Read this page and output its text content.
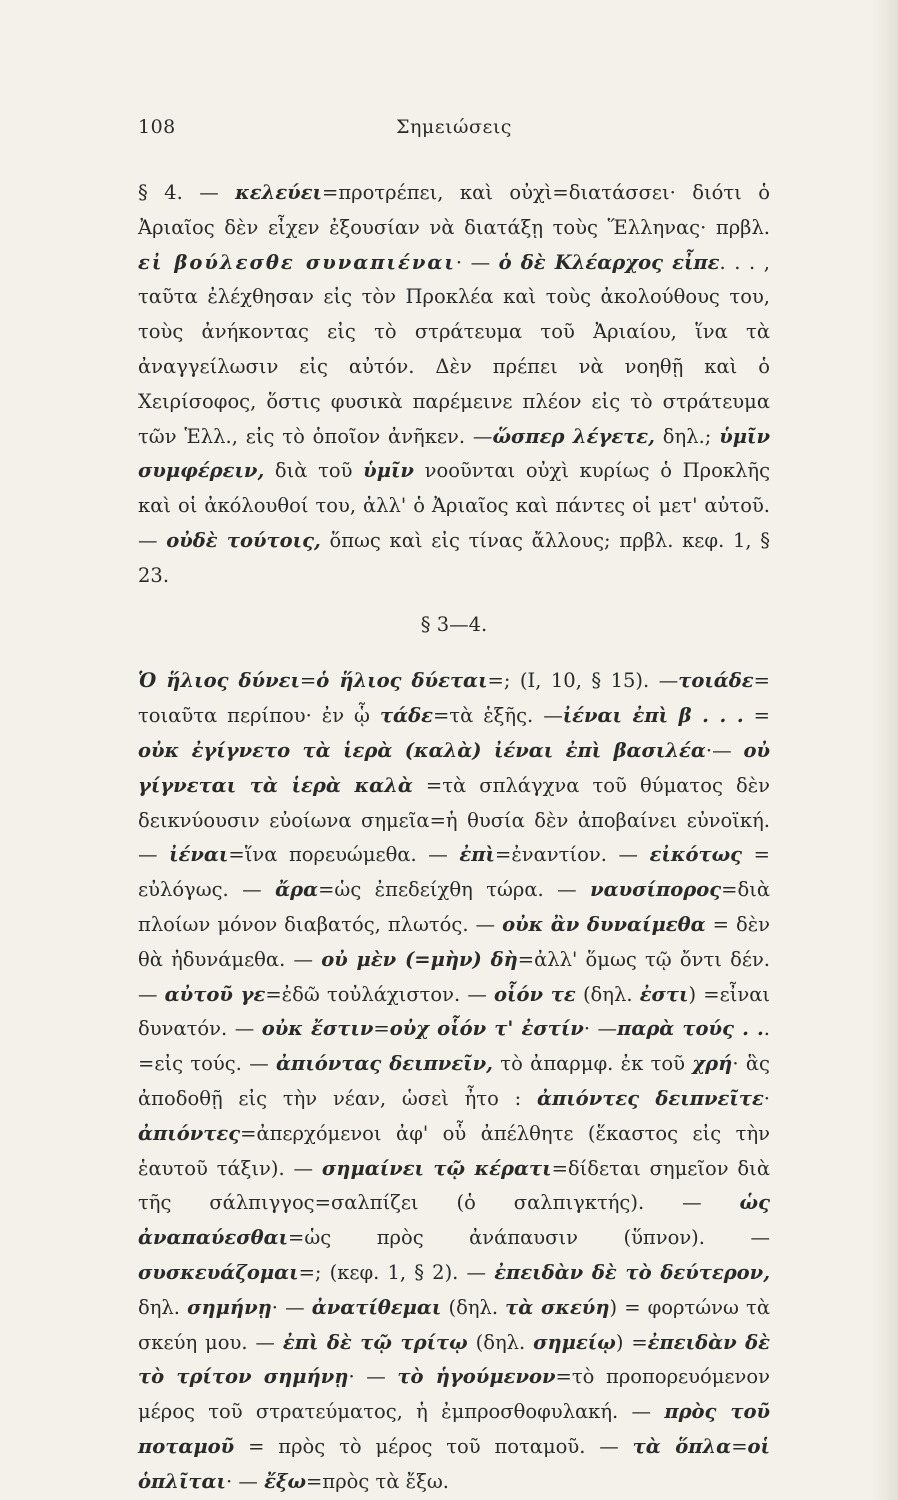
108	Σημειώσεις

§ 4. — κελεύει=προτρέπει, καὶ οὐχὶ=διατάσσει· διότι ὁ Ἀριαῖος δὲν εἶχεν ἐξουσίαν νὰ διατάξῃ τοὺς Ἕλληνας· πρβλ. εἰ βούλεσθε συναπιέναι· — ὁ δὲ Κλέαρχος εἶπε. . . , ταῦτα ἐλέχθησαν εἰς τὸν Προκλέα καὶ τοὺς ἀκολούθους του, τοὺς ἀνήκοντας εἰς τὸ στράτευμα τοῦ Ἀριαίου, ἵνα τὰ ἀναγγείλωσιν εἰς αὐτόν. Δὲν πρέπει νὰ νοηθῇ καὶ ὁ Χειρίσοφος, ὅστις φυσικὰ παρέμεινε πλέον εἰς τὸ στράτευμα τῶν Ἑλλ., εἰς τὸ ὁποῖον ἀνῆκεν. —ὥσπερ λέγετε, δηλ.; ὑμῖν συμφέρειν, διὰ τοῦ ὑμῖν νοοῦνται οὐχὶ κυρίως ὁ Προκλῆς καὶ οἱ ἀκόλουθοί του, ἀλλ' ὁ Ἀριαῖος καὶ πάντες οἱ μετ' αὐτοῦ. — οὐδὲ τούτοις, ὅπως καὶ εἰς τίνας ἄλλους; πρβλ. κεφ. 1, § 23.

§ 3—4.

Ὁ ἥλιος δύνει=ὁ ἥλιος δύεται=; (I, 10, § 15). —τοιάδε= τοιαῦτα περίπου· ἐν ᾧ τάδε=τὰ ἑξῆς. —ἰέναι ἐπὶ β . . . = οὐκ ἐγίγνετο τὰ ἱερὰ (καλὰ) ἰέναι ἐπὶ βασιλέα·— οὐ γίγνεται τὰ ἱερὰ καλὰ =τὰ σπλάγχνα τοῦ θύματος δὲν δεικνύουσιν εὐοίωνα σημεῖα=ἡ θυσία δὲν ἀποβαίνει εὐνοϊκή. — ἰέναι=ἵνα πορευώμεθα. — ἐπὶ=ἐναντίον. — εἰκότως = εὐλόγως. — ἄρα=ὡς ἐπεδείχθη τώρα. — ναυσίπορος=διὰ πλοίων μόνον διαβατός, πλωτός. — οὐκ ἂν δυναίμεθα = δὲν θὰ ἠδυνάμεθα. — οὐ μὲν (=μὴν) δὴ=ἀλλ' ὅμως τῷ ὄντι δέν. — αὐτοῦ γε=ἐδῶ τοὐλάχιστον. — οἷόν τε (δηλ. ἐστι) =εἶναι δυνατόν. — οὐκ ἔστιν=οὐχ οἷόν τ' ἐστίν· —παρὰ τούς . .. =εἰς τούς. — ἀπιόντας δειπνεῖν, τὸ ἀπαρμφ. ἐκ τοῦ χρή· ἃς ἀποδοθῇ εἰς τὴν νέαν, ὡσεὶ ἦτο : ἀπιόντες δειπνεῖτε· ἀπιόντες=ἀπερχόμενοι ἀφ' οὗ ἀπέλθητε (ἕκαστος εἰς τὴν ἑαυτοῦ τάξιν). — σημαίνει τῷ κέρατι=δίδεται σημεῖον διὰ τῆς σάλπιγγος=σαλπίζει (ὁ σαλπιγκτής). — ὡς ἀναπαύεσθαι=ὡς πρὸς ἀνάπαυσιν (ὕπνον). — συσκευάζομαι=; (κεφ. 1, § 2). — ἐπειδὰν δὲ τὸ δεύτερον, δηλ. σημήνῃ· — ἀνατίθεμαι (δηλ. τὰ σκεύη) = φορτώνω τὰ σκεύη μου. — ἐπὶ δὲ τῷ τρίτῳ (δηλ. σημείῳ) =ἐπειδὰν δὲ τὸ τρίτον σημήνῃ· — τὸ ἡγούμενον=τὸ προπορευόμενον μέρος τοῦ στρατεύματος, ἡ ἐμπροσθοφυλακή. — πρὸς τοῦ ποταμοῦ = πρὸς τὸ μέρος τοῦ ποταμοῦ. — τὰ ὅπλα=οἱ ὁπλῖται· — ἔξω=πρὸς τὰ ἔξω.
